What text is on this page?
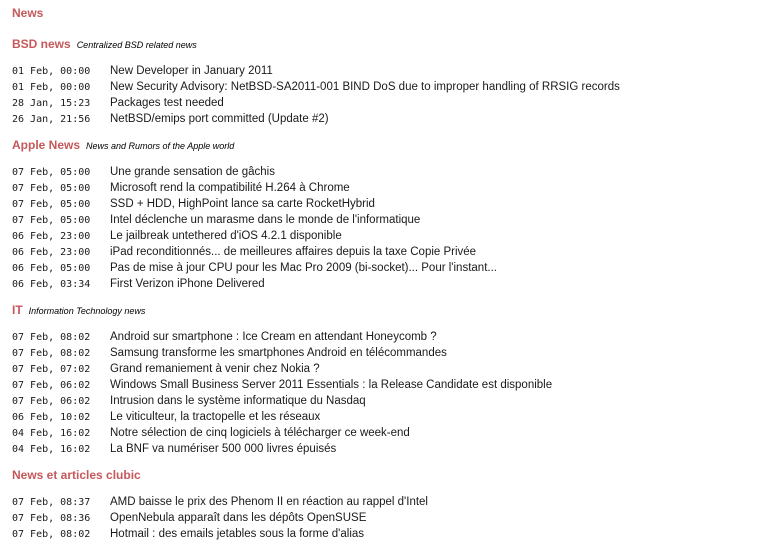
News
BSD news Centralized BSD related news
01 Feb, 00:00 New Developer in January 2011
01 Feb, 00:00 New Security Advisory: NetBSD-SA2011-001 BIND DoS due to improper handling of RRSIG records
28 Jan, 15:23 Packages test needed
26 Jan, 21:56 NetBSD/emips port committed (Update #2)
Apple News News and Rumors of the Apple world
07 Feb, 05:00 Une grande sensation de gâchis
07 Feb, 05:00 Microsoft rend la compatibilité H.264 à Chrome
07 Feb, 05:00 SSD + HDD, HighPoint lance sa carte RocketHybrid
07 Feb, 05:00 Intel déclenche un marasme dans le monde de l'informatique
06 Feb, 23:00 Le jailbreak untethered d'iOS 4.2.1 disponible
06 Feb, 23:00 iPad reconditionnés... de meilleures affaires depuis la taxe Copie Privée
06 Feb, 05:00 Pas de mise à jour CPU pour les Mac Pro 2009 (bi-socket)... Pour l'instant...
06 Feb, 03:34 First Verizon iPhone Delivered
IT Information Technology news
07 Feb, 08:02 Android sur smartphone : Ice Cream en attendant Honeycomb ?
07 Feb, 08:02 Samsung transforme les smartphones Android en télécommandes
07 Feb, 07:02 Grand remaniement à venir chez Nokia ?
07 Feb, 06:02 Windows Small Business Server 2011 Essentials : la Release Candidate est disponible
07 Feb, 06:02 Intrusion dans le système informatique du Nasdaq
06 Feb, 10:02 Le viticulteur, la tractopelle et les réseaux
04 Feb, 16:02 Notre sélection de cinq logiciels à télécharger ce week-end
04 Feb, 16:02 La BNF va numériser 500 000 livres épuisés
News et articles clubic
07 Feb, 08:37 AMD baisse le prix des Phenom II en réaction au rappel d'Intel
07 Feb, 08:36 OpenNebula apparaît dans les dépôts OpenSUSE
07 Feb, 08:02 Hotmail : des emails jetables sous la forme d'alias
